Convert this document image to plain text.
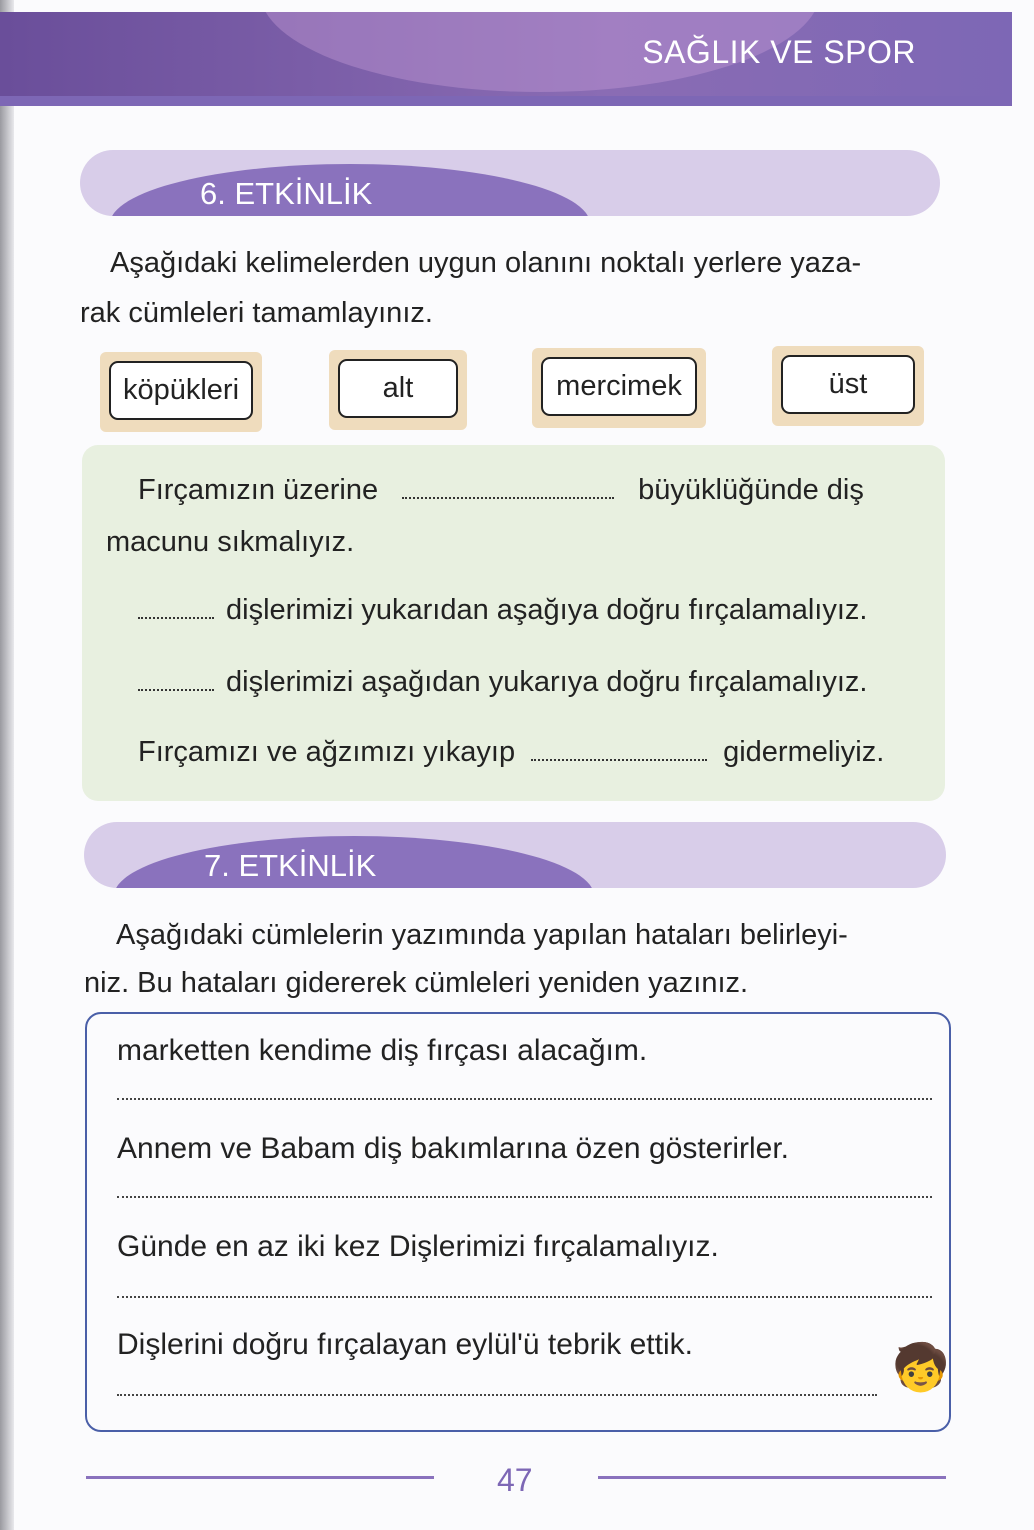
SAĞLIK VE SPOR
6. ETKİNLİK
Aşağıdaki kelimelerden uygun olanını noktalı yerlere yaza-
rak cümleleri tamamlayınız.
köpükleri	alt	mercimek	üst
Fırçamızın üzerine	büyüklüğünde diş
macunu sıkmalıyız.
dişlerimizi yukarıdan aşağıya doğru fırçalamalıyız.
dişlerimizi aşağıdan yukarıya doğru fırçalamalıyız.
Fırçamızı ve ağzımızı yıkayıp	gidermeliyiz.
7. ETKİNLİK
Aşağıdaki cümlelerin yazımında yapılan hataları belirleyi-
niz. Bu hataları gidererek cümleleri yeniden yazınız.
marketten kendime diş fırçası alacağım.
Annem ve Babam diş bakımlarına özen gösterirler.
Günde en az iki kez Dişlerimizi fırçalamalıyız.
Dişlerini doğru fırçalayan eylül'ü tebrik ettik.	🧒
47
